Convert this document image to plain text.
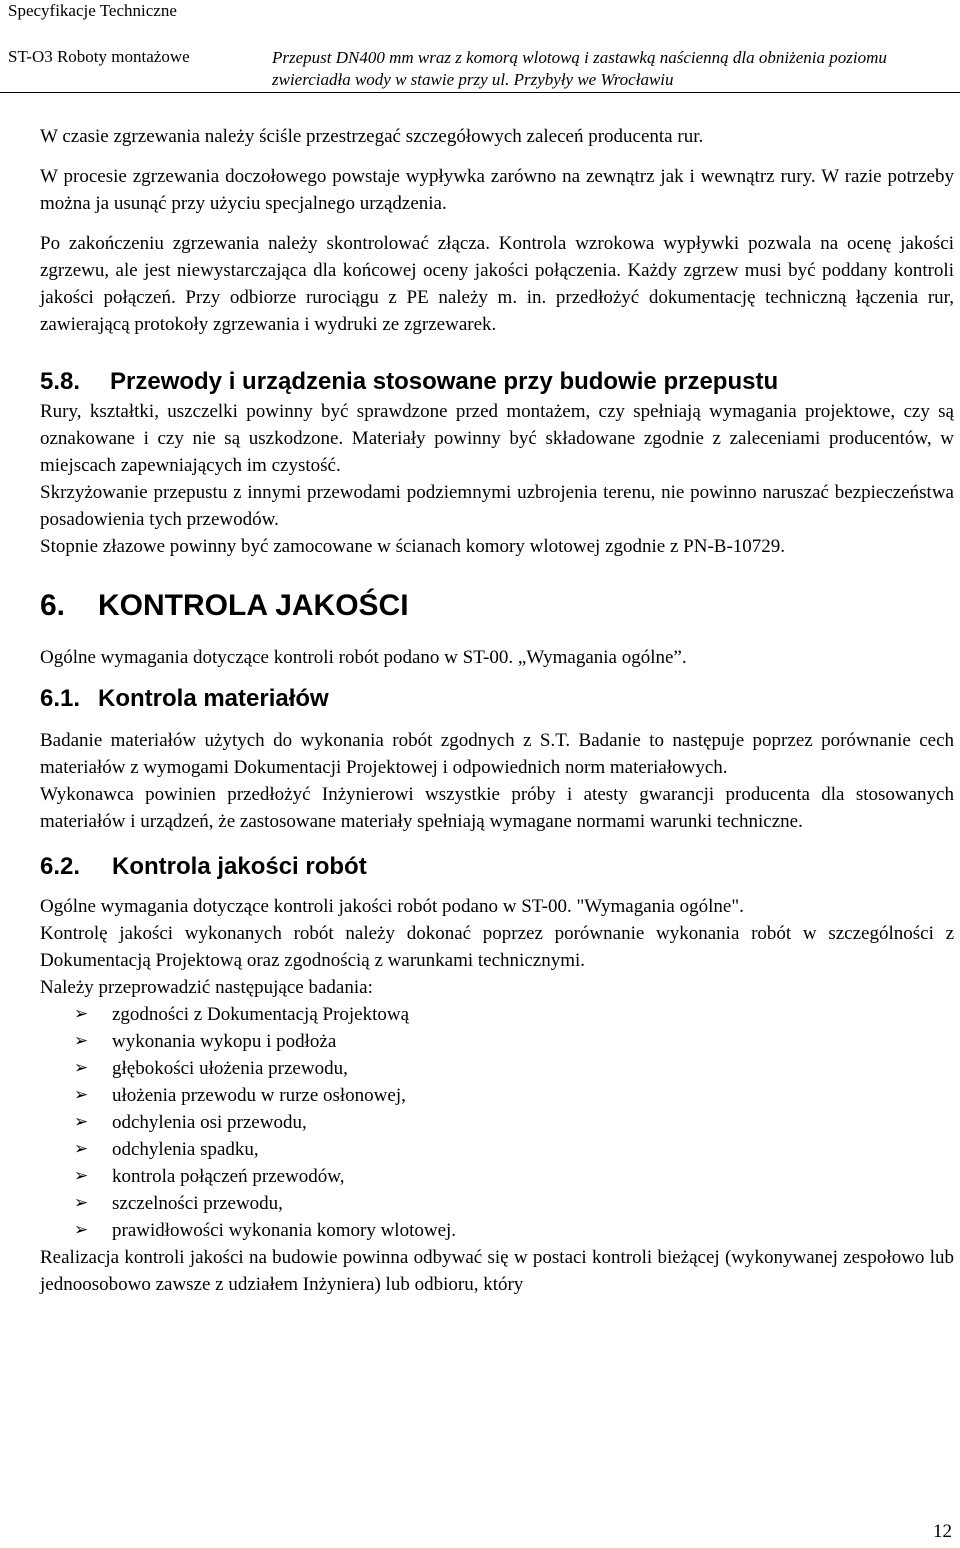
Specyfikacje Techniczne
ST-O3 Roboty montażowe	Przepust DN400 mm wraz z komorą wlotową i zastawką naścienną dla obniżenia poziomu zwierciadła wody w stawie przy ul. Przybyły we Wrocławiu

W czasie zgrzewania należy ściśle przestrzegać szczegółowych zaleceń producenta rur.

W procesie zgrzewania doczołowego powstaje wypływka zarówno na zewnątrz jak i wewnątrz rury. W razie potrzeby można ja usunąć przy użyciu specjalnego urządzenia.

Po zakończeniu zgrzewania należy skontrolować złącza. Kontrola wzrokowa wypływki pozwala na ocenę jakości zgrzewu, ale jest niewystarczająca dla końcowej oceny jakości połączenia. Każdy zgrzew musi być poddany kontroli jakości połączeń. Przy odbiorze rurociągu z PE należy m. in. przedłożyć dokumentację techniczną łączenia rur, zawierającą protokoły zgrzewania i wydruki ze zgrzewarek.

5.8. Przewody i urządzenia stosowane przy budowie przepustu

Rury, kształtki, uszczelki powinny być sprawdzone przed montażem, czy spełniają wymagania projektowe, czy są oznakowane i czy nie są uszkodzone. Materiały powinny być składowane zgodnie z zaleceniami producentów, w miejscach zapewniających im czystość.

Skrzyżowanie przepustu z innymi przewodami podziemnymi uzbrojenia terenu, nie powinno naruszać bezpieczeństwa posadowienia tych przewodów.

Stopnie złazowe powinny być zamocowane w ścianach komory wlotowej zgodnie z PN-B-10729.

6. KONTROLA JAKOŚCI

Ogólne wymagania dotyczące kontroli robót podano w ST-00. „Wymagania ogólne”.

6.1. Kontrola materiałów

Badanie materiałów użytych do wykonania robót zgodnych z S.T. Badanie to następuje poprzez porównanie cech materiałów z wymogami Dokumentacji Projektowej i odpowiednich norm materiałowych.

Wykonawca powinien przedłożyć Inżynierowi wszystkie próby i atesty gwarancji producenta dla stosowanych materiałów i urządzeń, że zastosowane materiały spełniają wymagane normami warunki techniczne.

6.2. Kontrola jakości robót

Ogólne wymagania dotyczące kontroli jakości robót podano w ST-00. "Wymagania ogólne".

Kontrolę jakości wykonanych robót należy dokonać poprzez porównanie wykonania robót w szczególności z Dokumentacją Projektową oraz zgodnością z warunkami technicznymi.

Należy przeprowadzić następujące badania:

➢ zgodności z Dokumentacją Projektową
➢ wykonania wykopu i podłoża
➢ głębokości ułożenia przewodu,
➢ ułożenia przewodu w rurze osłonowej,
➢ odchylenia osi przewodu,
➢ odchylenia spadku,
➢ kontrola połączeń przewodów,
➢ szczelności przewodu,
➢ prawidłowości wykonania komory wlotowej.

Realizacja kontroli jakości na budowie powinna odbywać się w postaci kontroli bieżącej (wykonywanej zespołowo lub jednoosobowo zawsze z udziałem Inżyniera) lub odbioru, który

12
